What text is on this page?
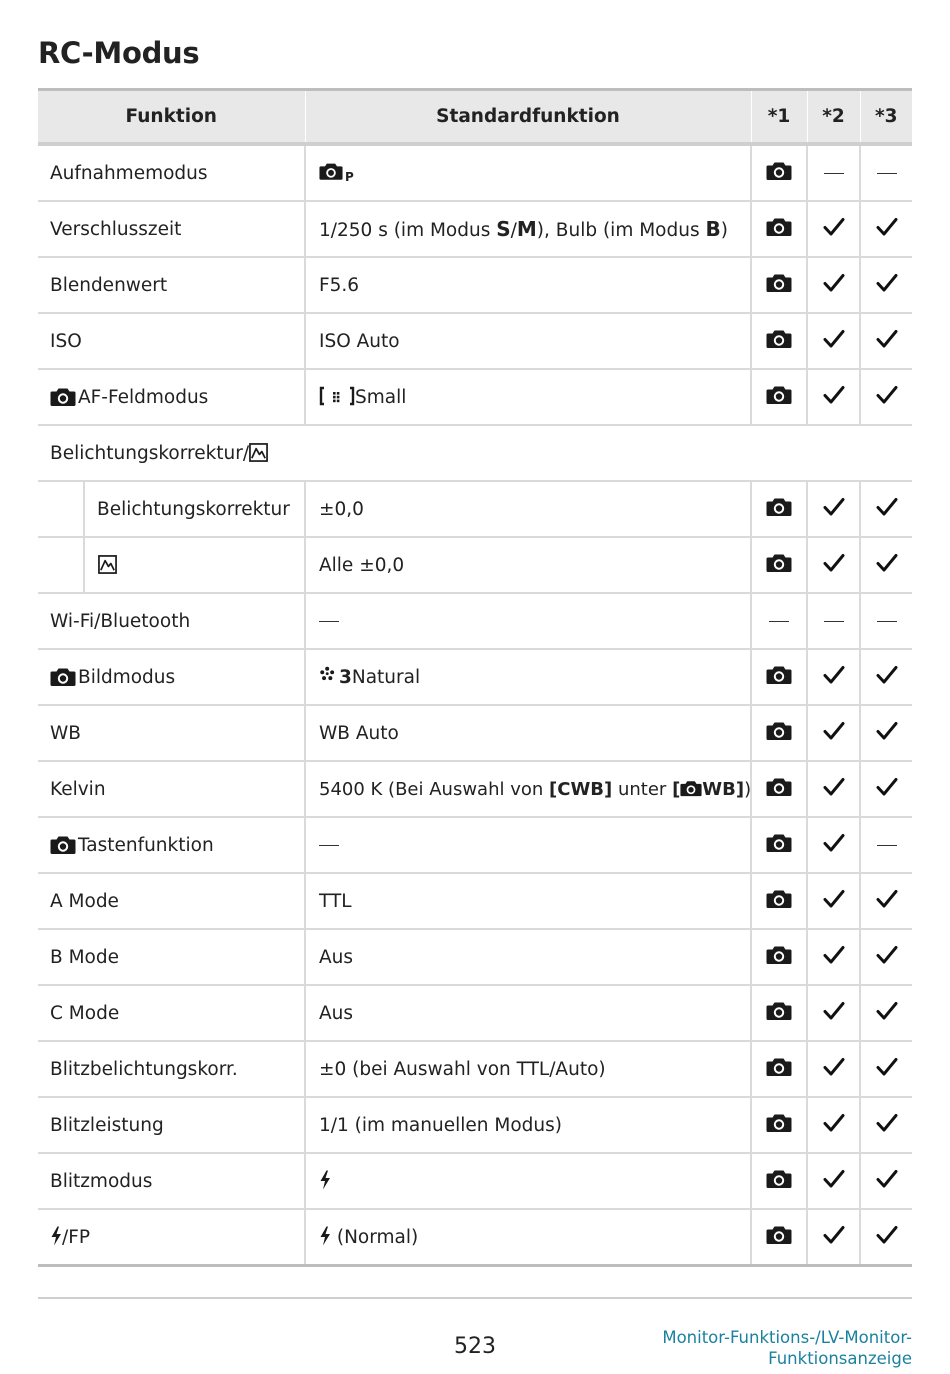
RC-Modus
Funktion	Standardfunktion	*1	*2	*3
Aufnahmemodus	P			
Verschlusszeit	1/250 s (im Modus S/M), Bulb (im Modus B)			
Blendenwert	F5.6			
ISO	ISO Auto			
AF-Feldmodus	Small			
Belichtungskorrektur/				

Belichtungskorrektur	±0,0			

	Alle ±0,0			
Wi-Fi/Bluetooth				
Bildmodus	3Natural			
WB	WB Auto			
Kelvin	5400 K (Bei Auswahl von [CWB] unter [ WB])			
Tastenfunktion				
A Mode	TTL			
B Mode	Aus			
C Mode	Aus			
Blitzbelichtungskorr.	±0 (bei Auswahl von TTL/Auto)			
Blitzleistung	1/1 (im manuellen Modus)			
Blitzmodus				
/FP	(Normal)			
523	Monitor-Funktions-/LV-Monitor-
Funktionsanzeige
